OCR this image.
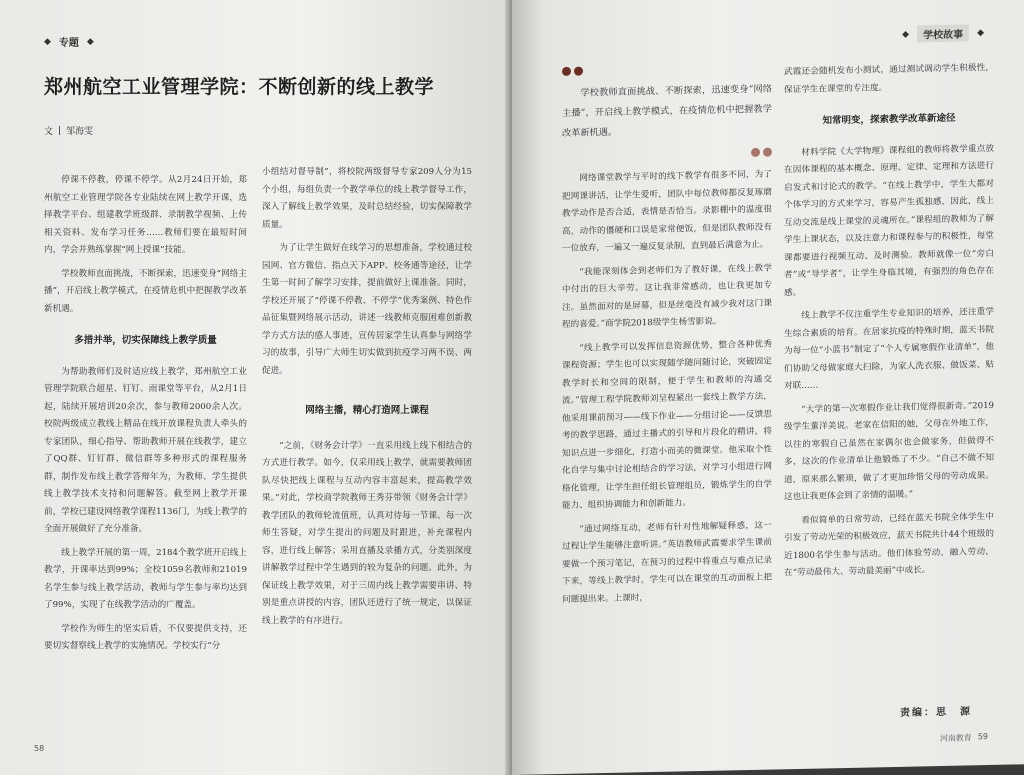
◆ 专题 ◆
郑州航空工业管理学院：不断创新的线上教学
文 邹海雯

停课不停教，停课不停学。从2月24日开始，郑州航空工业管理学院各专业陆续在网上教学开课，选择教学平台、组建教学班级群、录制教学视频、上传相关资料、发布学习任务……教师们要在最短时间内，学会并熟练掌握“网上授课”技能。

学校教师直面挑战，不断探索，迅速变身“网络主播”，开启线上教学模式，在疫情危机中把握教学改革新机遇。

多措并举，切实保障线上教学质量

为帮助教师们及时适应线上教学，郑州航空工业管理学院联合超星、钉钉、雨课堂等平台，从2月1日起，陆续开展培训20余次，参与教师2000余人次。校院两级成立教线上精品在线开放课程负责人牵头的专家团队，细心指导、帮助教师开展在线教学，建立了QQ群、钉钉群、微信群等多种形式的课程服务群，制作发布线上教学答辩年为，为教师、学生提供线上教学技术支持和问题解答。截至网上教学开课前，学校已建设网络教学课程1136门，为线上教学的全面开展做好了充分准备。

线上教学开展的第一周，2184个教学班开启线上教学，开课率达到99%；全校1059名教师和21019名学生参与线上教学活动，教师与学生参与率均达到了99%，实现了在线教学活动的广覆盖。

学校作为师生的坚实后盾，不仅要提供支持，还要切实督察线上教学的实施情况。学校实行“分

小组结对督导制”，将校院两级督导专家209人分为15个小组，每组负责一个教学单位的线上教学督导工作，深入了解线上教学效果，及时总结经验，切实保障教学质量。

为了让学生做好在线学习的思想准备，学校通过校园网、官方微信、指点天下APP、校务通等途径，让学生第一时间了解学习安排，提前做好上课准备。同时，学校还开展了“停课不停教、不停学”优秀案例、特色作品征集暨网络展示活动，讲述一线教师克服困难创新教学方式方法的感人事迹，宣传居家学生认真参与网络学习的故事，引导广大师生切实做到抗疫学习两不误、两促进。

网络主播，精心打造网上课程

“之前，《财务会计学》一直采用线上线下相结合的方式进行教学。如今，仅采用线上教学，就需要教师团队尽快把线上课程与互动内容丰富起来，提高教学效果。”对此，学校商学院教师王秀芬带领《财务会计学》教学团队的教师轮流值班，认真对待每一节课、每一次师生答疑，对学生提出的问题及时跟进，补充课程内容，进行线上解答；采用直播及录播方式，分类别深度讲解教学过程中学生遇到的较为复杂的问题。此外，为保证线上教学效果，对于三周内线上教学需要串讲、特别是重点讲授的内容，团队还进行了统一规定，以保证线上教学的有序进行。

58
◆	学校故事	◆

学校教师直面挑战、不断探索，迅速变身“网络主播”，开启线上教学模式，在疫情危机中把握教学改革新机遇。

网络课堂教学与平时的线下教学有很多不同，为了把网课讲活，让学生爱听，团队中每位教师都反复琢磨教学动作是否合适，表情是否恰当。录影棚中的温度很高，动作的僵硬和口误是家常便饭，但是团队教师没有一位放弃，一遍又一遍反复录制，直到最后满意为止。

“我能深刻体会到老师们为了教好课，在线上教学中付出的巨大辛劳。这让我非常感动，也让我更加专注。虽然面对的是屏幕，但是丝毫没有减少我对这门课程的喜爱。”商学院2018级学生杨雪影说。

“线上教学可以发挥信息资源优势，整合各种优秀课程资源；学生也可以实现随学随问随讨论，突破固定教学时长和空间的限制，便于学生和教师的沟通交流。”管理工程学院教师刘呈程紧出一套线上教学方法，他采用课前预习——线下作业——分组讨论——反馈思考的教学思路，通过主播式的引导和片段化的精讲，将知识点进一步细化，打造小而美的微课堂。他采取个性化自学与集中讨论相结合的学习法，对学习小组进行网格化管理，让学生担任组长管理组员，锻炼学生的自学能力、组织协调能力和创新能力。

“通过网络互动，老师有针对性地解疑释惑，这一过程让学生能够注意听讲。”英语教师武霞要求学生课前要做一个预习笔记，在预习的过程中将重点与难点记录下来，等线上教学时，学生可以在课堂的互动面板上把问题提出来。上课时，

武霞还会随机发布小测试，通过测试调动学生积极性，保证学生在课堂的专注度。

知常明变，探索教学改革新途径

材料学院《大学物理》课程组的教师将教学重点放在因体课程的基本概念、原理、定律、定理和方法进行启发式和讨论式的教学。“在线上教学中，学生大都对个体学习的方式来学习，容易产生孤独感，因此，线上互动交流是线上课堂的灵魂所在。”课程组的教师为了解学生上课状态，以及注意力和课程参与的积极性，每堂课都要进行视频互动、及时测验。教师就像一位“旁白者”或“导学者”，让学生身临其境，有强烈的角色存在感。

线上教学不仅注重学生专业知识的培养，还注重学生综合素质的培育。在居家抗疫的特殊时期，蓝天书院为每一位“小蓝书”制定了“个人专属寒假作业清单”，他们协助父母做家庭大扫除，为家人洗衣服、做饭菜、贴对联……

“大学的第一次寒假作业让我们觉得很新奇。”2019级学生董洋美说。老家在信阳的她，父母在外地工作，以往的寒假自己虽然在家偶尔也会做家务，但做得不多，这次的作业清单让他锻炼了不少。“自己不做不知道，原来那么繁琐，做了才更加珍惜父母的劳动成果。这也让我更体会到了亲情的温暖。”

看似简单的日常劳动，已经在蓝天书院全体学生中引发了劳动光荣的积极效应，蓝天书院共计44个班级的近1800名学生参与活动。他们体验劳动，融入劳动，在“劳动最伟大、劳动最美丽”中成长。

责编：思　源
河南教育 59
